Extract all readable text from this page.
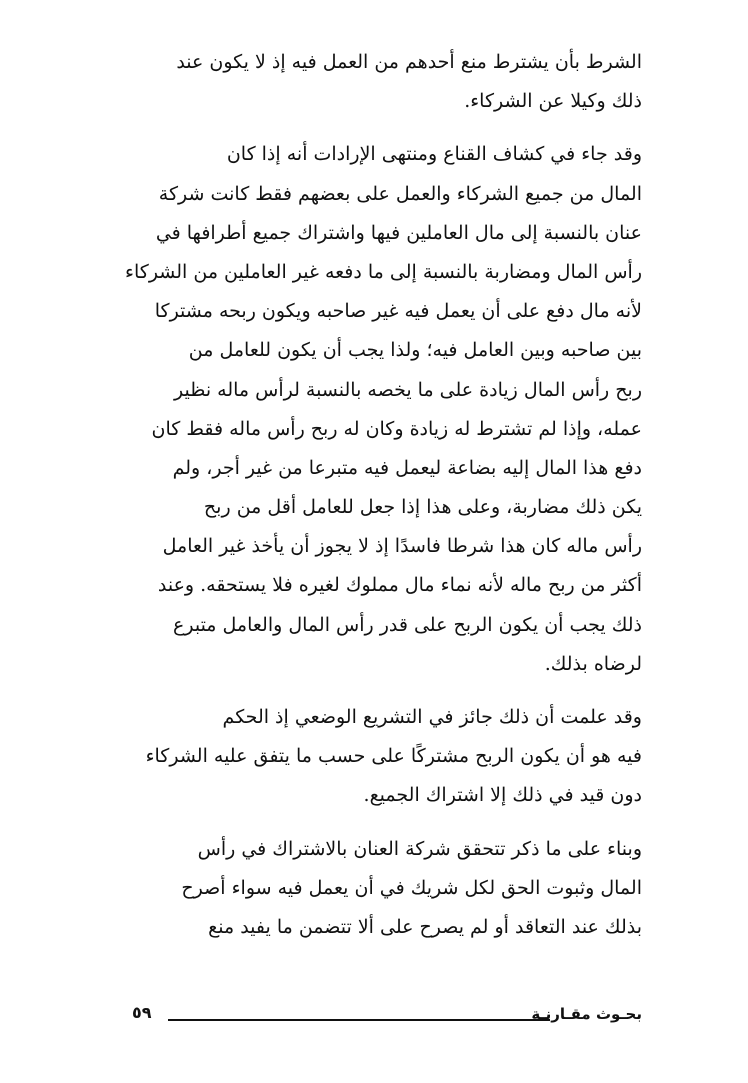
الشرط بأن يشترط منع أحدهم من العمل فيه إذ لا يكون عند
ذلك وكيلا عن الشركاء.
وقد جاء في كشاف القناع ومنتهى الإرادات أنه إذا كان
المال من جميع الشركاء والعمل على بعضهم فقط كانت شركة
عنان بالنسبة إلى مال العاملين فيها واشتراك جميع أطرافها في
رأس المال ومضاربة بالنسبة إلى ما دفعه غير العاملين من الشركاء
لأنه مال دفع على أن يعمل فيه غير صاحبه ويكون ربحه مشتركا
بين صاحبه وبين العامل فيه؛ ولذا يجب أن يكون للعامل من
ربح رأس المال زيادة على ما يخصه بالنسبة لرأس ماله نظير
عمله، وإذا لم تشترط له زيادة وكان له ربح رأس ماله فقط كان
دفع هذا المال إليه بضاعة ليعمل فيه متبرعا من غير أجر، ولم
يكن ذلك مضاربة، وعلى هذا إذا جعل للعامل أقل من ربح
رأس ماله كان هذا شرطا فاسدًا إذ لا يجوز أن يأخذ غير العامل
أكثر من ربح ماله لأنه نماء مال مملوك لغيره فلا يستحقه. وعند
ذلك يجب أن يكون الربح على قدر رأس المال والعامل متبرع
لرضاه بذلك.
وقد علمت أن ذلك جائز في التشريع الوضعي إذ الحكم
فيه هو أن يكون الربح مشتركًا على حسب ما يتفق عليه الشركاء
دون قيد في ذلك إلا اشتراك الجميع.
وبناء على ما ذكر تتحقق شركة العنان بالاشتراك في رأس
المال وثبوت الحق لكل شريك في أن يعمل فيه سواء أصرح
بذلك عند التعاقد أو لم يصرح على ألا تتضمن ما يفيد منع
بحـوث مقـارنـة
٥٩
